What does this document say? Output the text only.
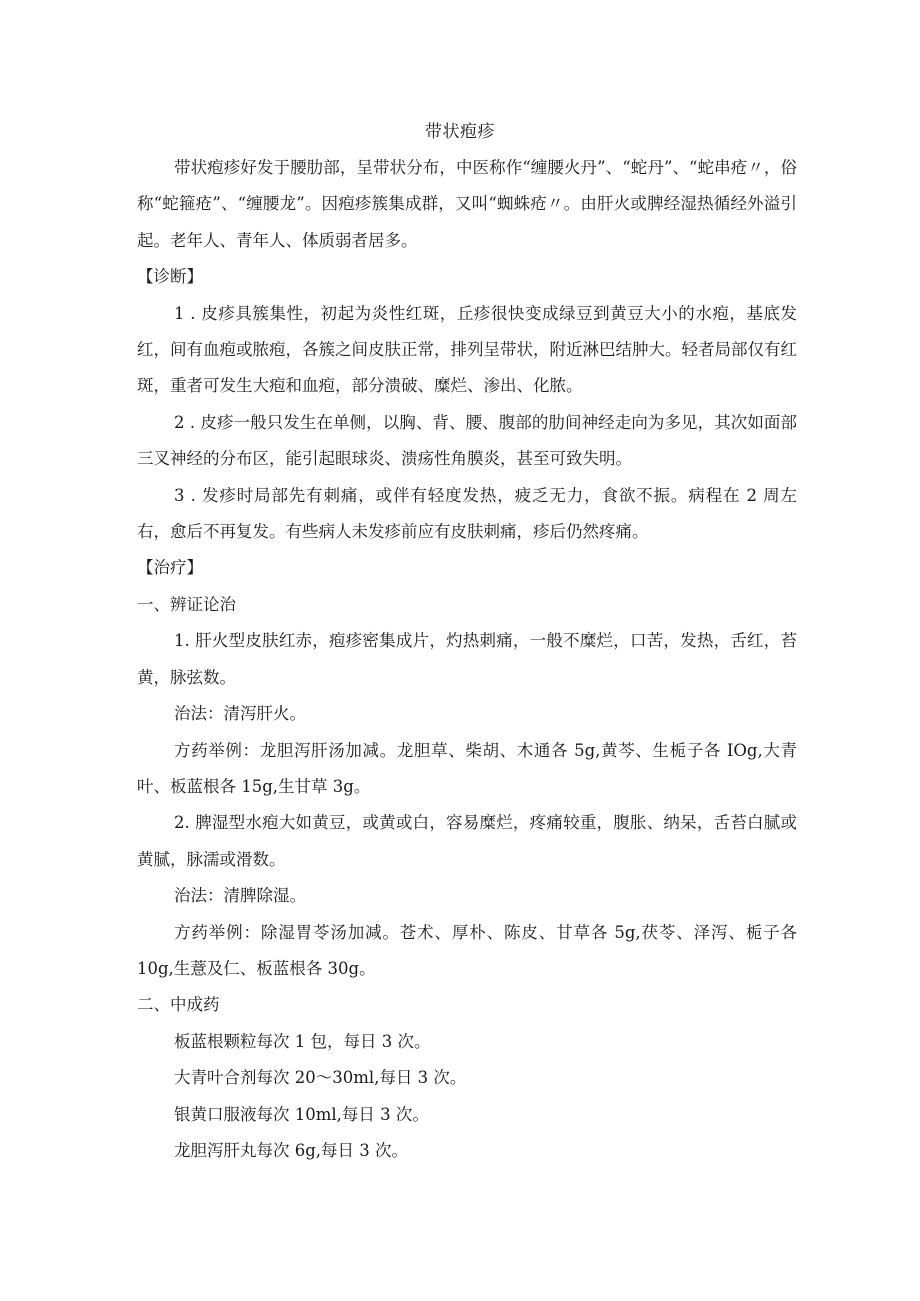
带状疱疹

带状疱疹好发于腰肋部，呈带状分布，中医称作“缠腰火丹”、“蛇丹”、“蛇串疮〃，俗称“蛇箍疮”、“缠腰龙”。因疱疹簇集成群，又叫“蜘蛛疮〃。由肝火或脾经湿热循经外溢引起。老年人、青年人、体质弱者居多。

【诊断】

1 . 皮疹具簇集性，初起为炎性红斑，丘疹很快变成绿豆到黄豆大小的水疱，基底发红，间有血疱或脓疱，各簇之间皮肤正常，排列呈带状，附近淋巴结肿大。轻者局部仅有红斑，重者可发生大疱和血疱，部分溃破、糜烂、渗出、化脓。

2 . 皮疹一般只发生在单侧，以胸、背、腰、腹部的肋间神经走向为多见，其次如面部三叉神经的分布区，能引起眼球炎、溃疡性角膜炎，甚至可致失明。

3 . 发疹时局部先有刺痛，或伴有轻度发热，疲乏无力，食欲不振。病程在 2 周左右，愈后不再复发。有些病人未发疹前应有皮肤刺痛，疹后仍然疼痛。

【治疗】

一、辨证论治

1. 肝火型皮肤红赤，疱疹密集成片，灼热刺痛，一般不糜烂，口苦，发热，舌红，苔黄，脉弦数。

治法：清泻肝火。

方药举例：龙胆泻肝汤加减。龙胆草、柴胡、木通各 5g,黄芩、生栀子各 IOg,大青叶、板蓝根各 15g,生甘草 3g。

2. 脾湿型水疱大如黄豆，或黄或白，容易糜烂，疼痛较重，腹胀、纳呆，舌苔白腻或黄腻，脉濡或滑数。

治法：清脾除湿。

方药举例：除湿胃苓汤加减。苍术、厚朴、陈皮、甘草各 5g,茯苓、泽泻、栀子各 10g,生薏及仁、板蓝根各 30g。

二、中成药

板蓝根颗粒每次 1 包，每日 3 次。

大青叶合剂每次 20～30ml,每日 3 次。

银黄口服液每次 10ml,每日 3 次。

龙胆泻肝丸每次 6g,每日 3 次。
